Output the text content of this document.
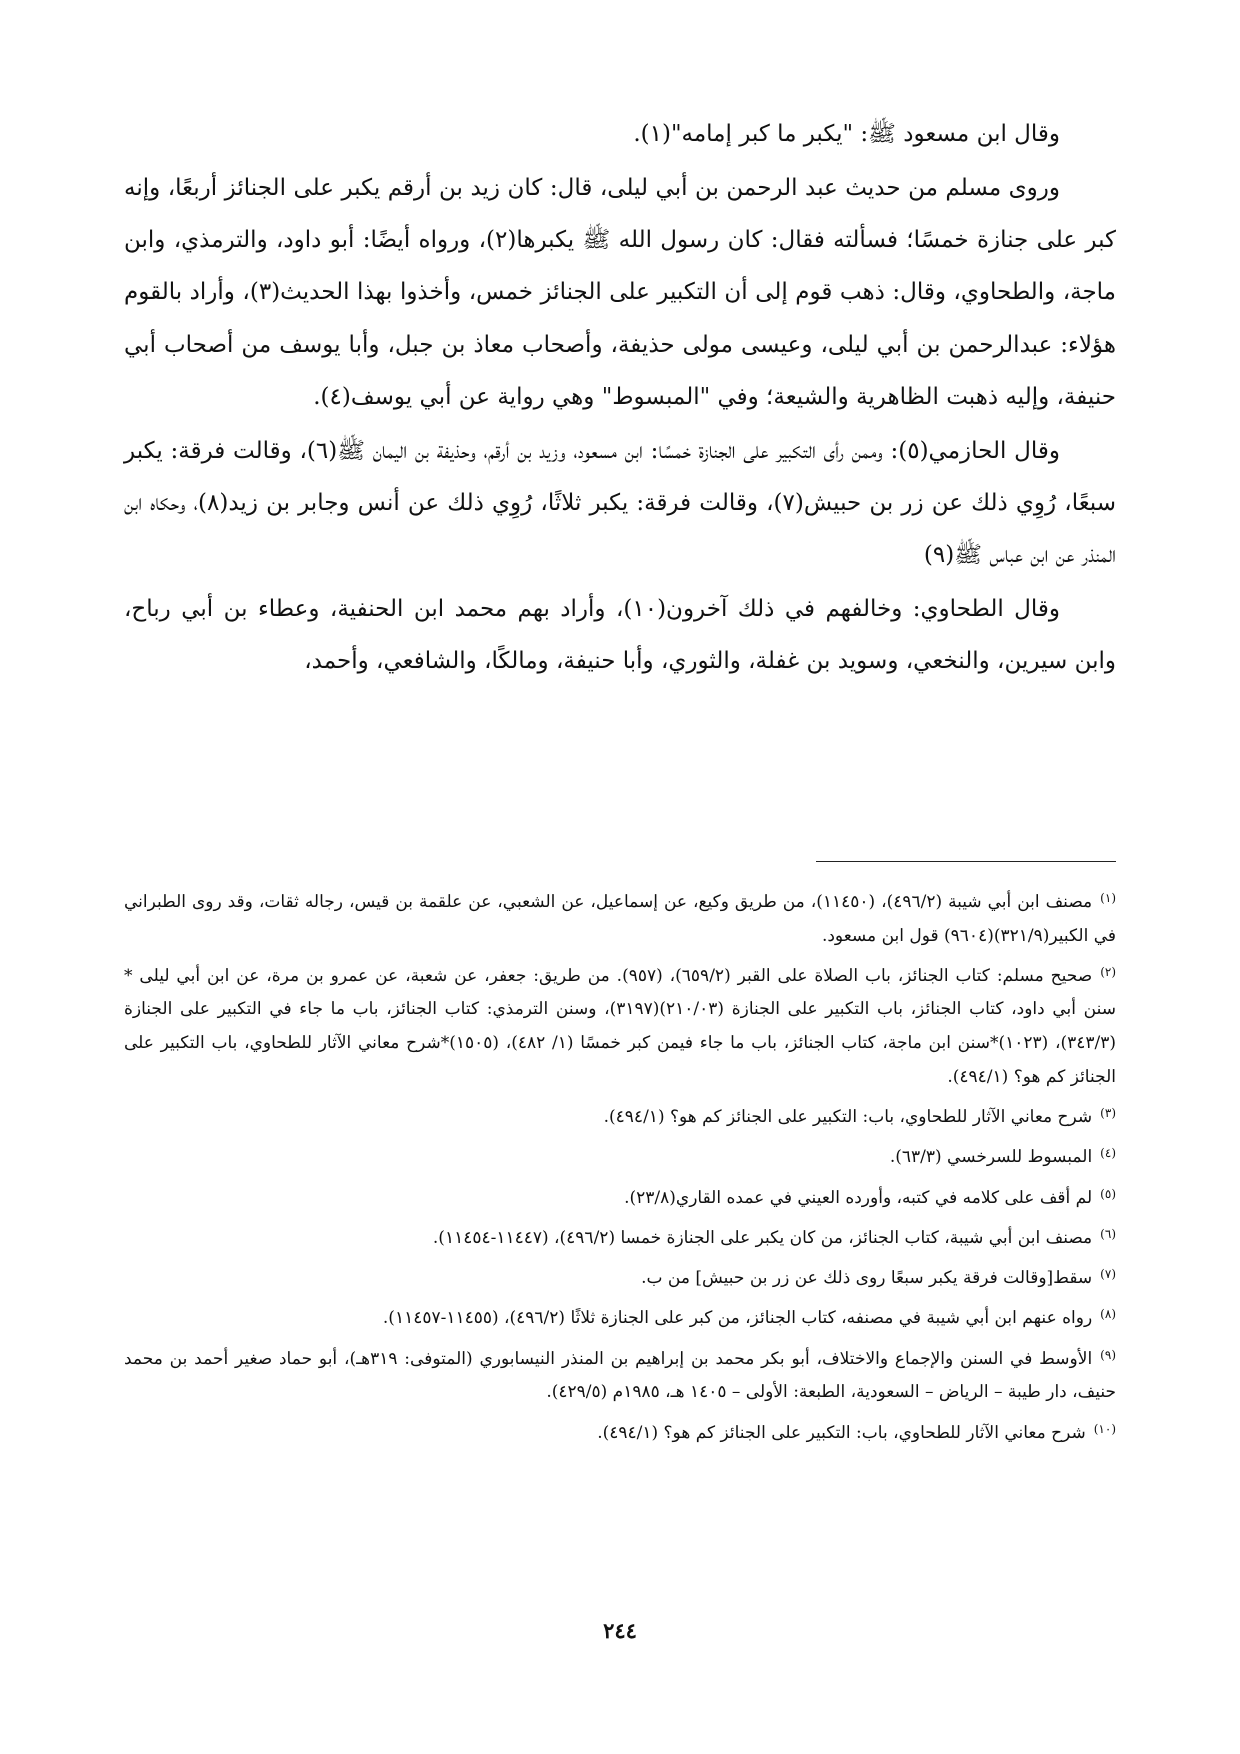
وقال ابن مسعود ﷺ: "يكبر ما كبر إمامه"(١).

وروى مسلم من حديث عبد الرحمن بن أبي ليلى، قال: كان زيد بن أرقم يكبر على الجنائز أربعًا، وإنه كبر على جنازة خمسًا؛ فسألته فقال: كان رسول الله ﷺ يكبرها(٢)، ورواه أيضًا: أبو داود، والترمذي، وابن ماجة، والطحاوي، وقال: ذهب قوم إلى أن التكبير على الجنائز خمس، وأخذوا بهذا الحديث(٣)، وأراد بالقوم هؤلاء: عبدالرحمن بن أبي ليلى، وعيسى مولى حذيفة، وأصحاب معاذ بن جبل، وأبا يوسف من أصحاب أبي حنيفة، وإليه ذهبت الظاهرية والشيعة؛ وفي "المبسوط" وهي رواية عن أبي يوسف(٤).

وقال الحازمي(٥): وممن رأى التكبير على الجنازة خمسًا: ابن مسعود، وزيد بن أرقم، وحذيفة بن اليمان ﷺ(٦)، وقالت فرقة: يكبر سبعًا، رُوِي ذلك عن زر بن حبيش(٧)، وقالت فرقة: يكبر ثلاثًا، رُوِي ذلك عن أنس وجابر بن زيد(٨)، وحكاه ابن المنذر عن ابن عباس ﷺ(٩)

وقال الطحاوي: وخالفهم في ذلك آخرون(١٠)، وأراد بهم محمد ابن الحنفية، وعطاء بن أبي رباح، وابن سيرين، والنخعي، وسويد بن غفلة، والثوري، وأبا حنيفة، ومالكًا، والشافعي، وأحمد،

$^{(١)}$مصنف ابن أبي شيبة (٤٩٦/٢)، (١١٤٥٠)، من طريق وكيع، عن إسماعيل، عن الشعبي، عن علقمة بن قيس، رجاله ثقات، وقد روى الطبراني في الكبير(٣٢١/٩)(٩٦٠٤) قول ابن مسعود.
$^{(٢)}$صحيح مسلم: كتاب الجنائز، باب الصلاة على القبر (٦٥٩/٢)، (٩٥٧). من طريق: جعفر، عن شعبة، عن عمرو بن مرة، عن ابن أبي ليلى * سنن أبي داود، كتاب الجنائز، باب التكبير على الجنازة (٢١٠/٠٣)(٣١٩٧)، وسنن الترمذي: كتاب الجنائز، باب ما جاء في التكبير على الجنازة (٣٤٣/٣)، (١٠٢٣)*سنن ابن ماجة، كتاب الجنائز، باب ما جاء فيمن كبر خمسًا (١/ ٤٨٢)، (١٥٠٥)*شرح معاني الآثار للطحاوي، باب التكبير على الجنائز كم هو؟ (٤٩٤/١).
$^{(٣)}$شرح معاني الآثار للطحاوي، باب: التكبير على الجنائز كم هو؟ (٤٩٤/١).
$^{(٤)}$المبسوط للسرخسي (٦٣/٣).
$^{(٥)}$لم أقف على كلامه في كتبه، وأورده العيني في عمده القاري(٢٣/٨).
$^{(٦)}$مصنف ابن أبي شيبة، كتاب الجنائز، من كان يكبر على الجنازة خمسا (٤٩٦/٢)، (١١٤٤٧-١١٤٥٤).
$^{(٧)}$سقط[وقالت فرقة يكبر سبعًا روى ذلك عن زر بن حبيش] من ب.
$^{(٨)}$رواه عنهم ابن أبي شيبة في مصنفه، كتاب الجنائز، من كبر على الجنازة ثلاثًا (٤٩٦/٢)، (١١٤٥٥-١١٤٥٧).
$^{(٩)}$الأوسط في السنن والإجماع والاختلاف، أبو بكر محمد بن إبراهيم بن المنذر النيسابوري (المتوفى: ٣١٩هـ)، أبو حماد صغير أحمد بن محمد حنيف، دار طيبة – الرياض – السعودية، الطبعة: الأولى – ١٤٠٥ هـ، ١٩٨٥م (٤٢٩/٥).
$^{(١٠)}$شرح معاني الآثار للطحاوي، باب: التكبير على الجنائز كم هو؟ (٤٩٤/١).
٢٤٤
